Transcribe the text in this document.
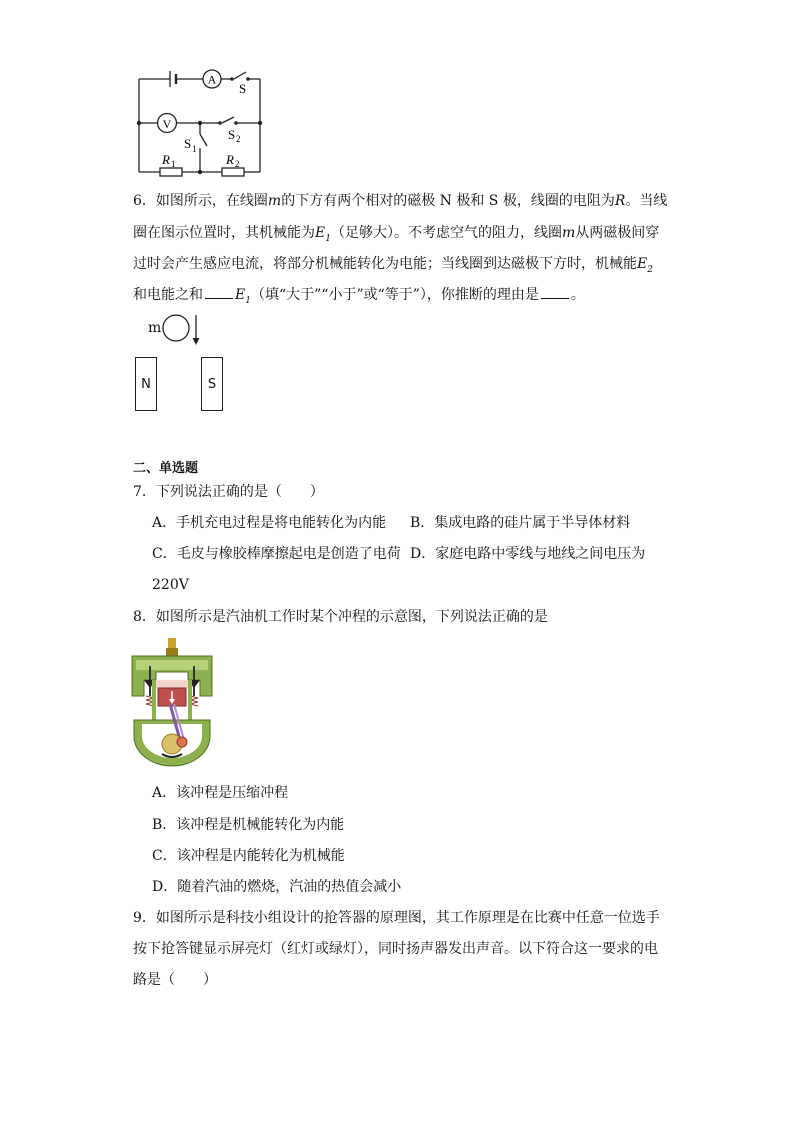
A
S
V
S 2
S 1
R 1	R 2
6．如图所示，在线圈m的下方有两个相对的磁极 N 极和 S 极，线圈的电阻为R。当线
圈在图示位置时，其机械能为$E_1$（足够大）。不考虑空气的阻力，线圈m从两磁极间穿
过时会产生感应电流，将部分机械能转化为电能；当线圈到达磁极下方时，机械能$E_2$
和电能之和 $E_1$（填“大于”“小于”或“等于”），你推断的理由是 。
m
N	S
二、单选题
7．下列说法正确的是（　　）
A．手机充电过程是将电能转化为内能 B．集成电路的硅片属于半导体材料
C．毛皮与橡胶棒摩擦起电是创造了电荷 D．家庭电路中零线与地线之间电压为
220V
8．如图所示是汽油机工作时某个冲程的示意图，下列说法正确的是
A．该冲程是压缩冲程
B．该冲程是机械能转化为内能
C．该冲程是内能转化为机械能
D．随着汽油的燃烧，汽油的热值会减小
9．如图所示是科技小组设计的抢答器的原理图，其工作原理是在比赛中任意一位选手
按下抢答键显示屏亮灯（红灯或绿灯），同时扬声器发出声音。以下符合这一要求的电
路是（　　）
